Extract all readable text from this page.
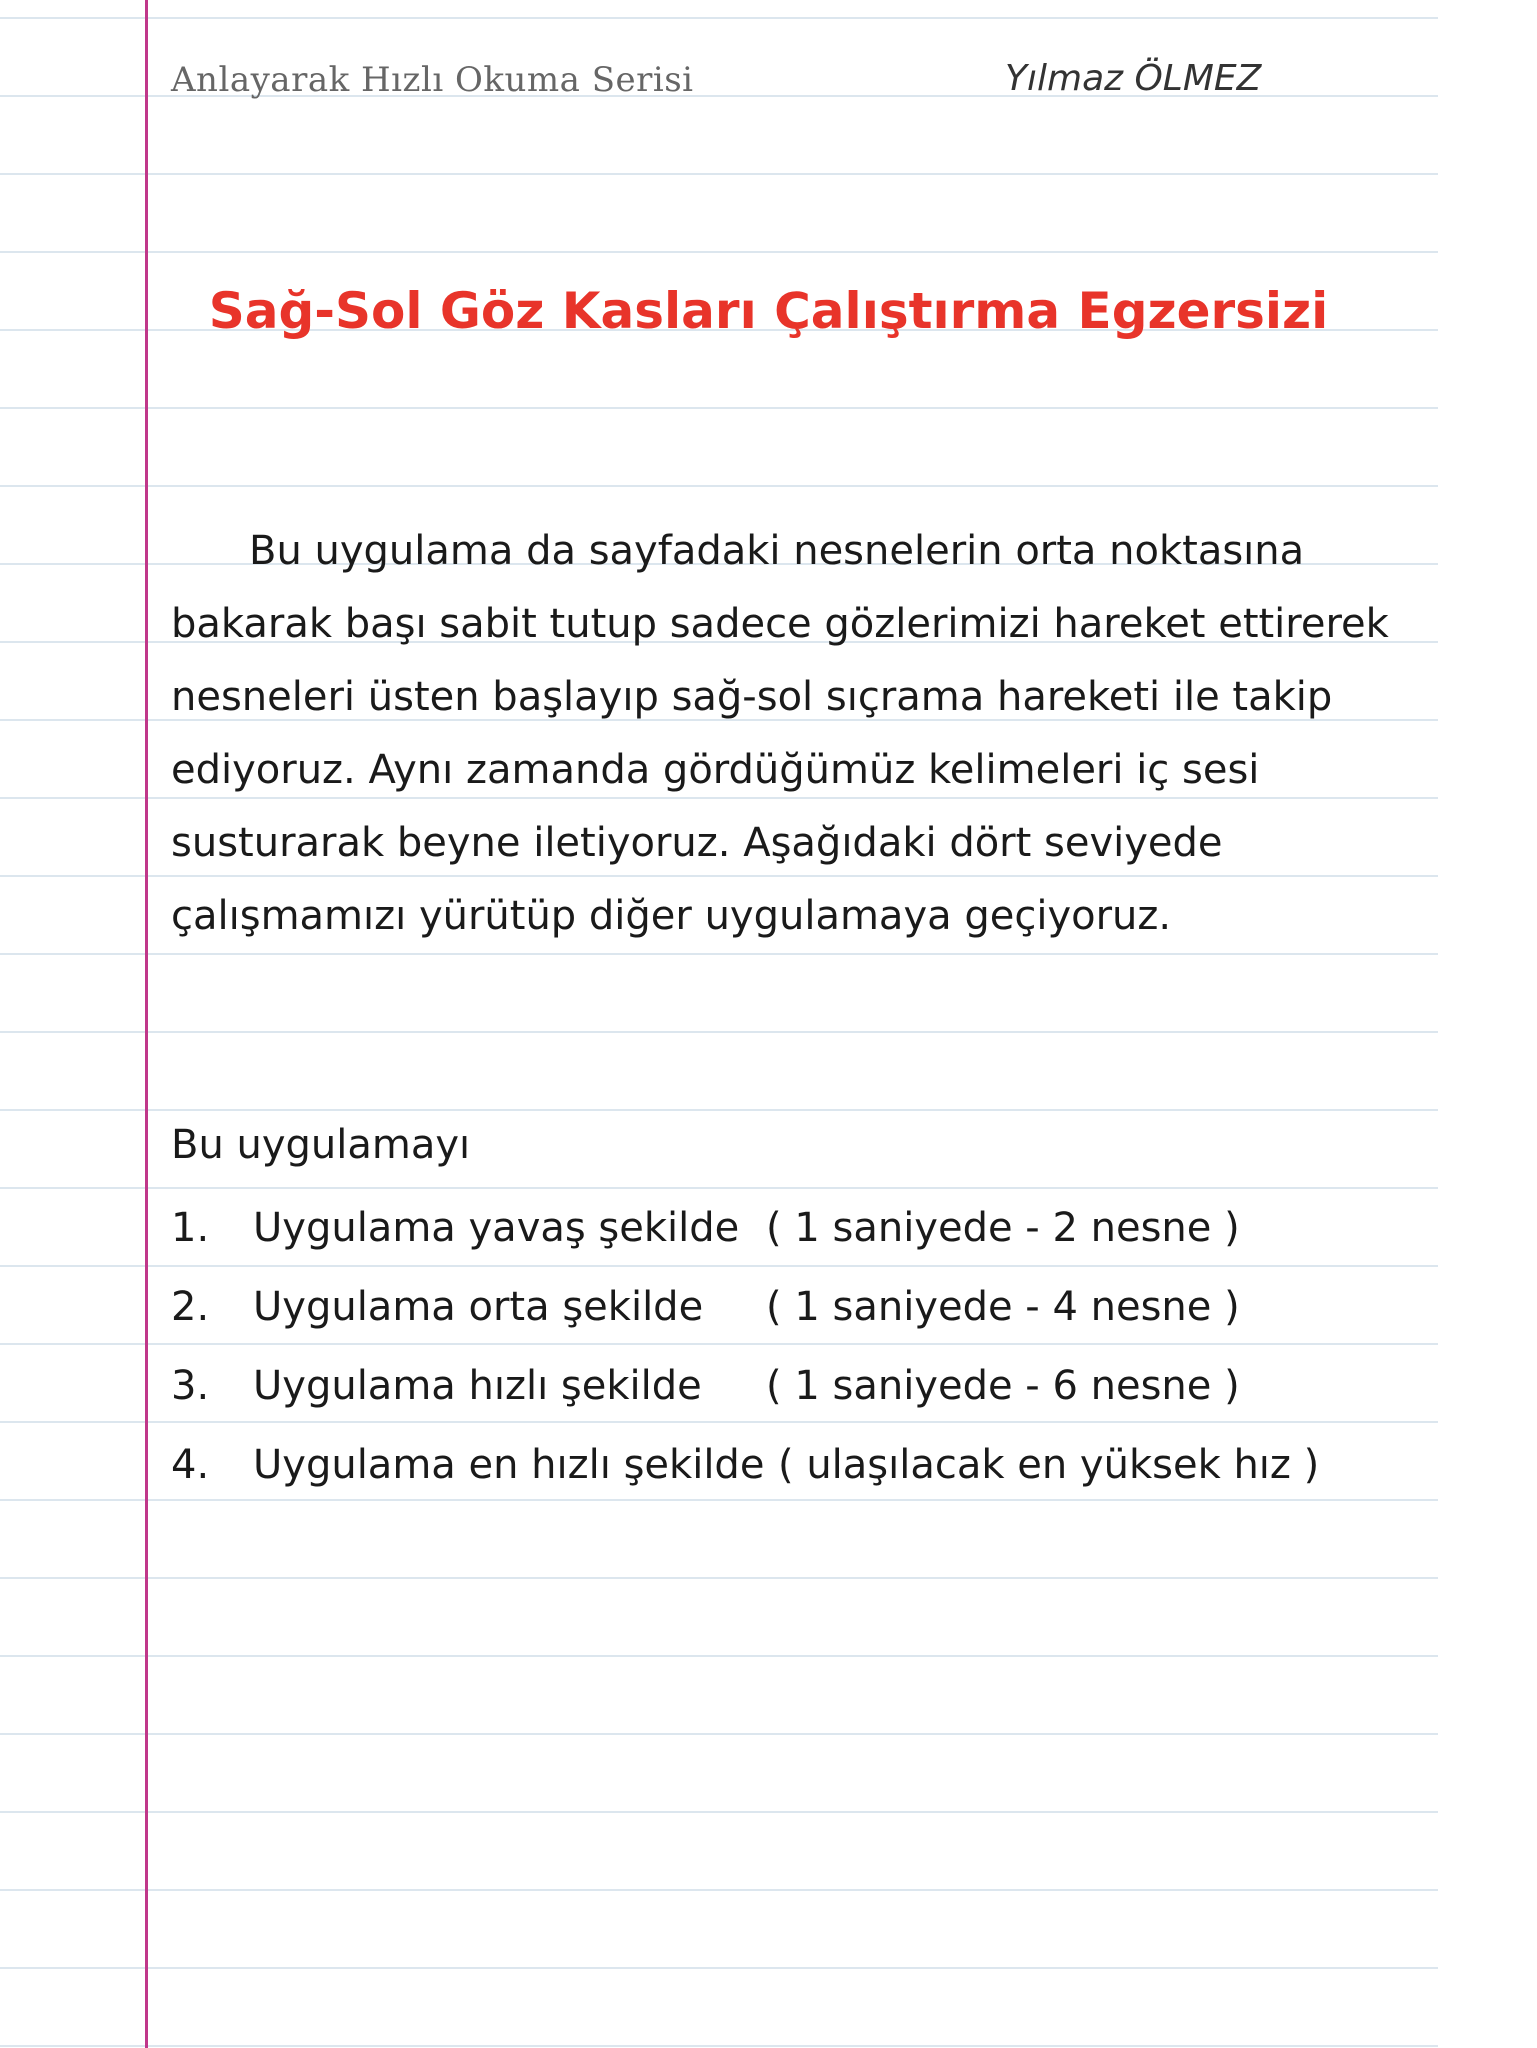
Anlayarak Hızlı Okuma Serisi	Yılmaz ÖLMEZ
Sağ-Sol Göz Kasları Çalıştırma Egzersizi

Bu uygulama da sayfadaki nesnelerin orta noktasına bakarak başı sabit tutup sadece gözlerimizi hareket ettirerek nesneleri üsten başlayıp sağ-sol sıçrama hareketi ile takip ediyoruz. Aynı zamanda gördüğümüz kelimeleri iç sesi susturarak beyne iletiyoruz. Aşağıdaki dört seviyede çalışmamızı yürütüp diğer uygulamaya geçiyoruz.

Bu uygulamayı
1. Uygulama yavaş şekilde ( 1 saniyede - 2 nesne )
2. Uygulama orta şekilde ( 1 saniyede - 4 nesne )
3. Uygulama hızlı şekilde ( 1 saniyede - 6 nesne )
4. Uygulama en hızlı şekilde ( ulaşılacak en yüksek hız )
